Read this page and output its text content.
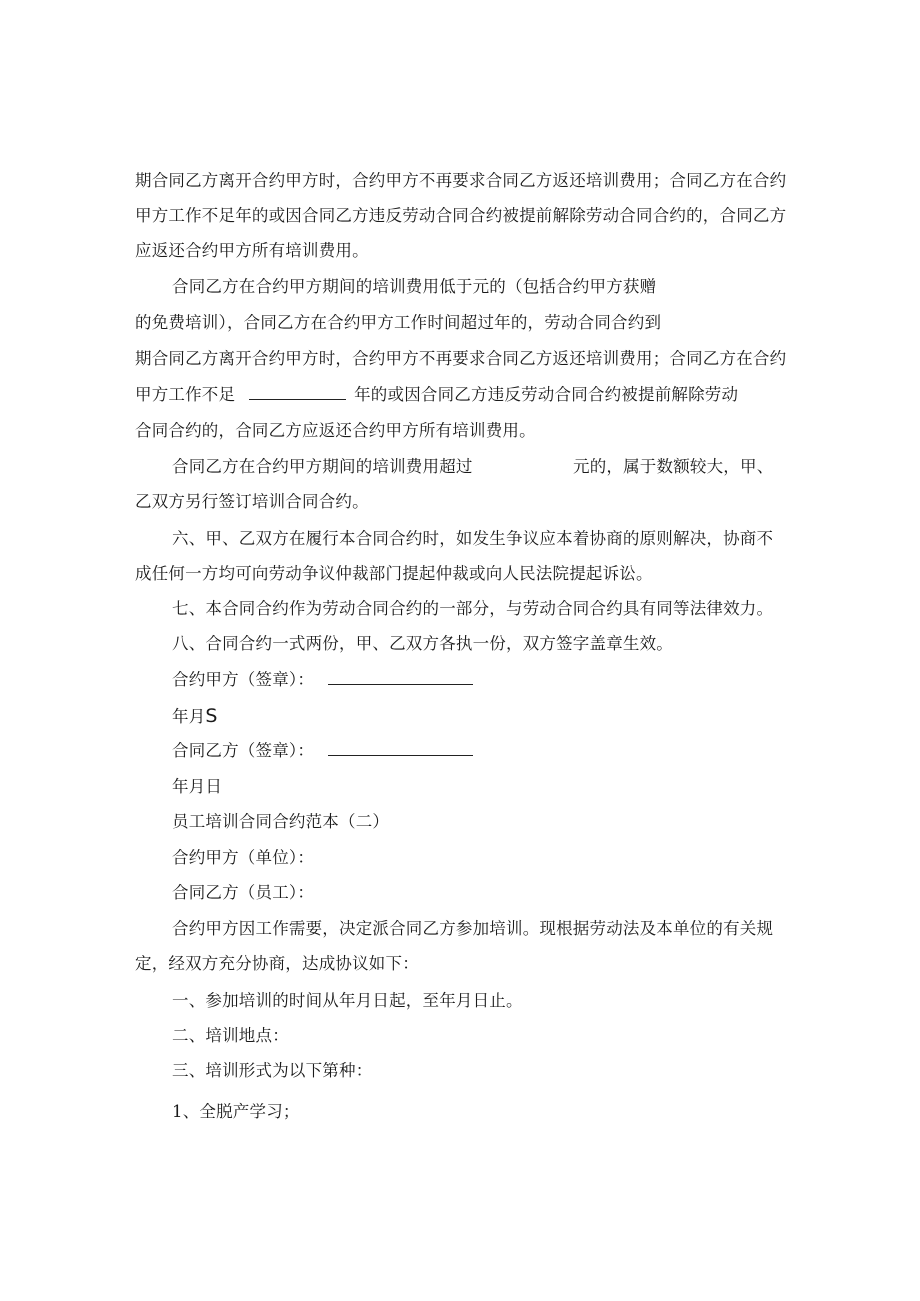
期合同乙方离开合约甲方时，合约甲方不再要求合同乙方返还培训费用；合同乙方在合约
甲方工作不足年的或因合同乙方违反劳动合同合约被提前解除劳动合同合约的，合同乙方
应返还合约甲方所有培训费用。
合同乙方在合约甲方期间的培训费用低于元的（包括合约甲方获赠
的免费培训），合同乙方在合约甲方工作时间超过年的，劳动合同合约到
期合同乙方离开合约甲方时，合约甲方不再要求合同乙方返还培训费用；合同乙方在合约
甲方工作不足	年的或因合同乙方违反劳动合同合约被提前解除劳动
合同合约的，合同乙方应返还合约甲方所有培训费用。
合同乙方在合约甲方期间的培训费用超过	元的，属于数额较大，甲、
乙双方另行签订培训合同合约。
六、甲、乙双方在履行本合同合约时，如发生争议应本着协商的原则解决，协商不
成任何一方均可向劳动争议仲裁部门提起仲裁或向人民法院提起诉讼。
七、本合同合约作为劳动合同合约的一部分，与劳动合同合约具有同等法律效力。
八、合同合约一式两份，甲、乙双方各执一份，双方签字盖章生效。
合约甲方（签章）：
年月S
合同乙方（签章）：
年月日
员工培训合同合约范本（二）
合约甲方（单位）：
合同乙方（员工）：
合约甲方因工作需要，决定派合同乙方参加培训。现根据劳动法及本单位的有关规
定，经双方充分协商，达成协议如下：
一、参加培训的时间从年月日起，至年月日止。
二、培训地点：
三、培训形式为以下第种：
1、全脱产学习；
